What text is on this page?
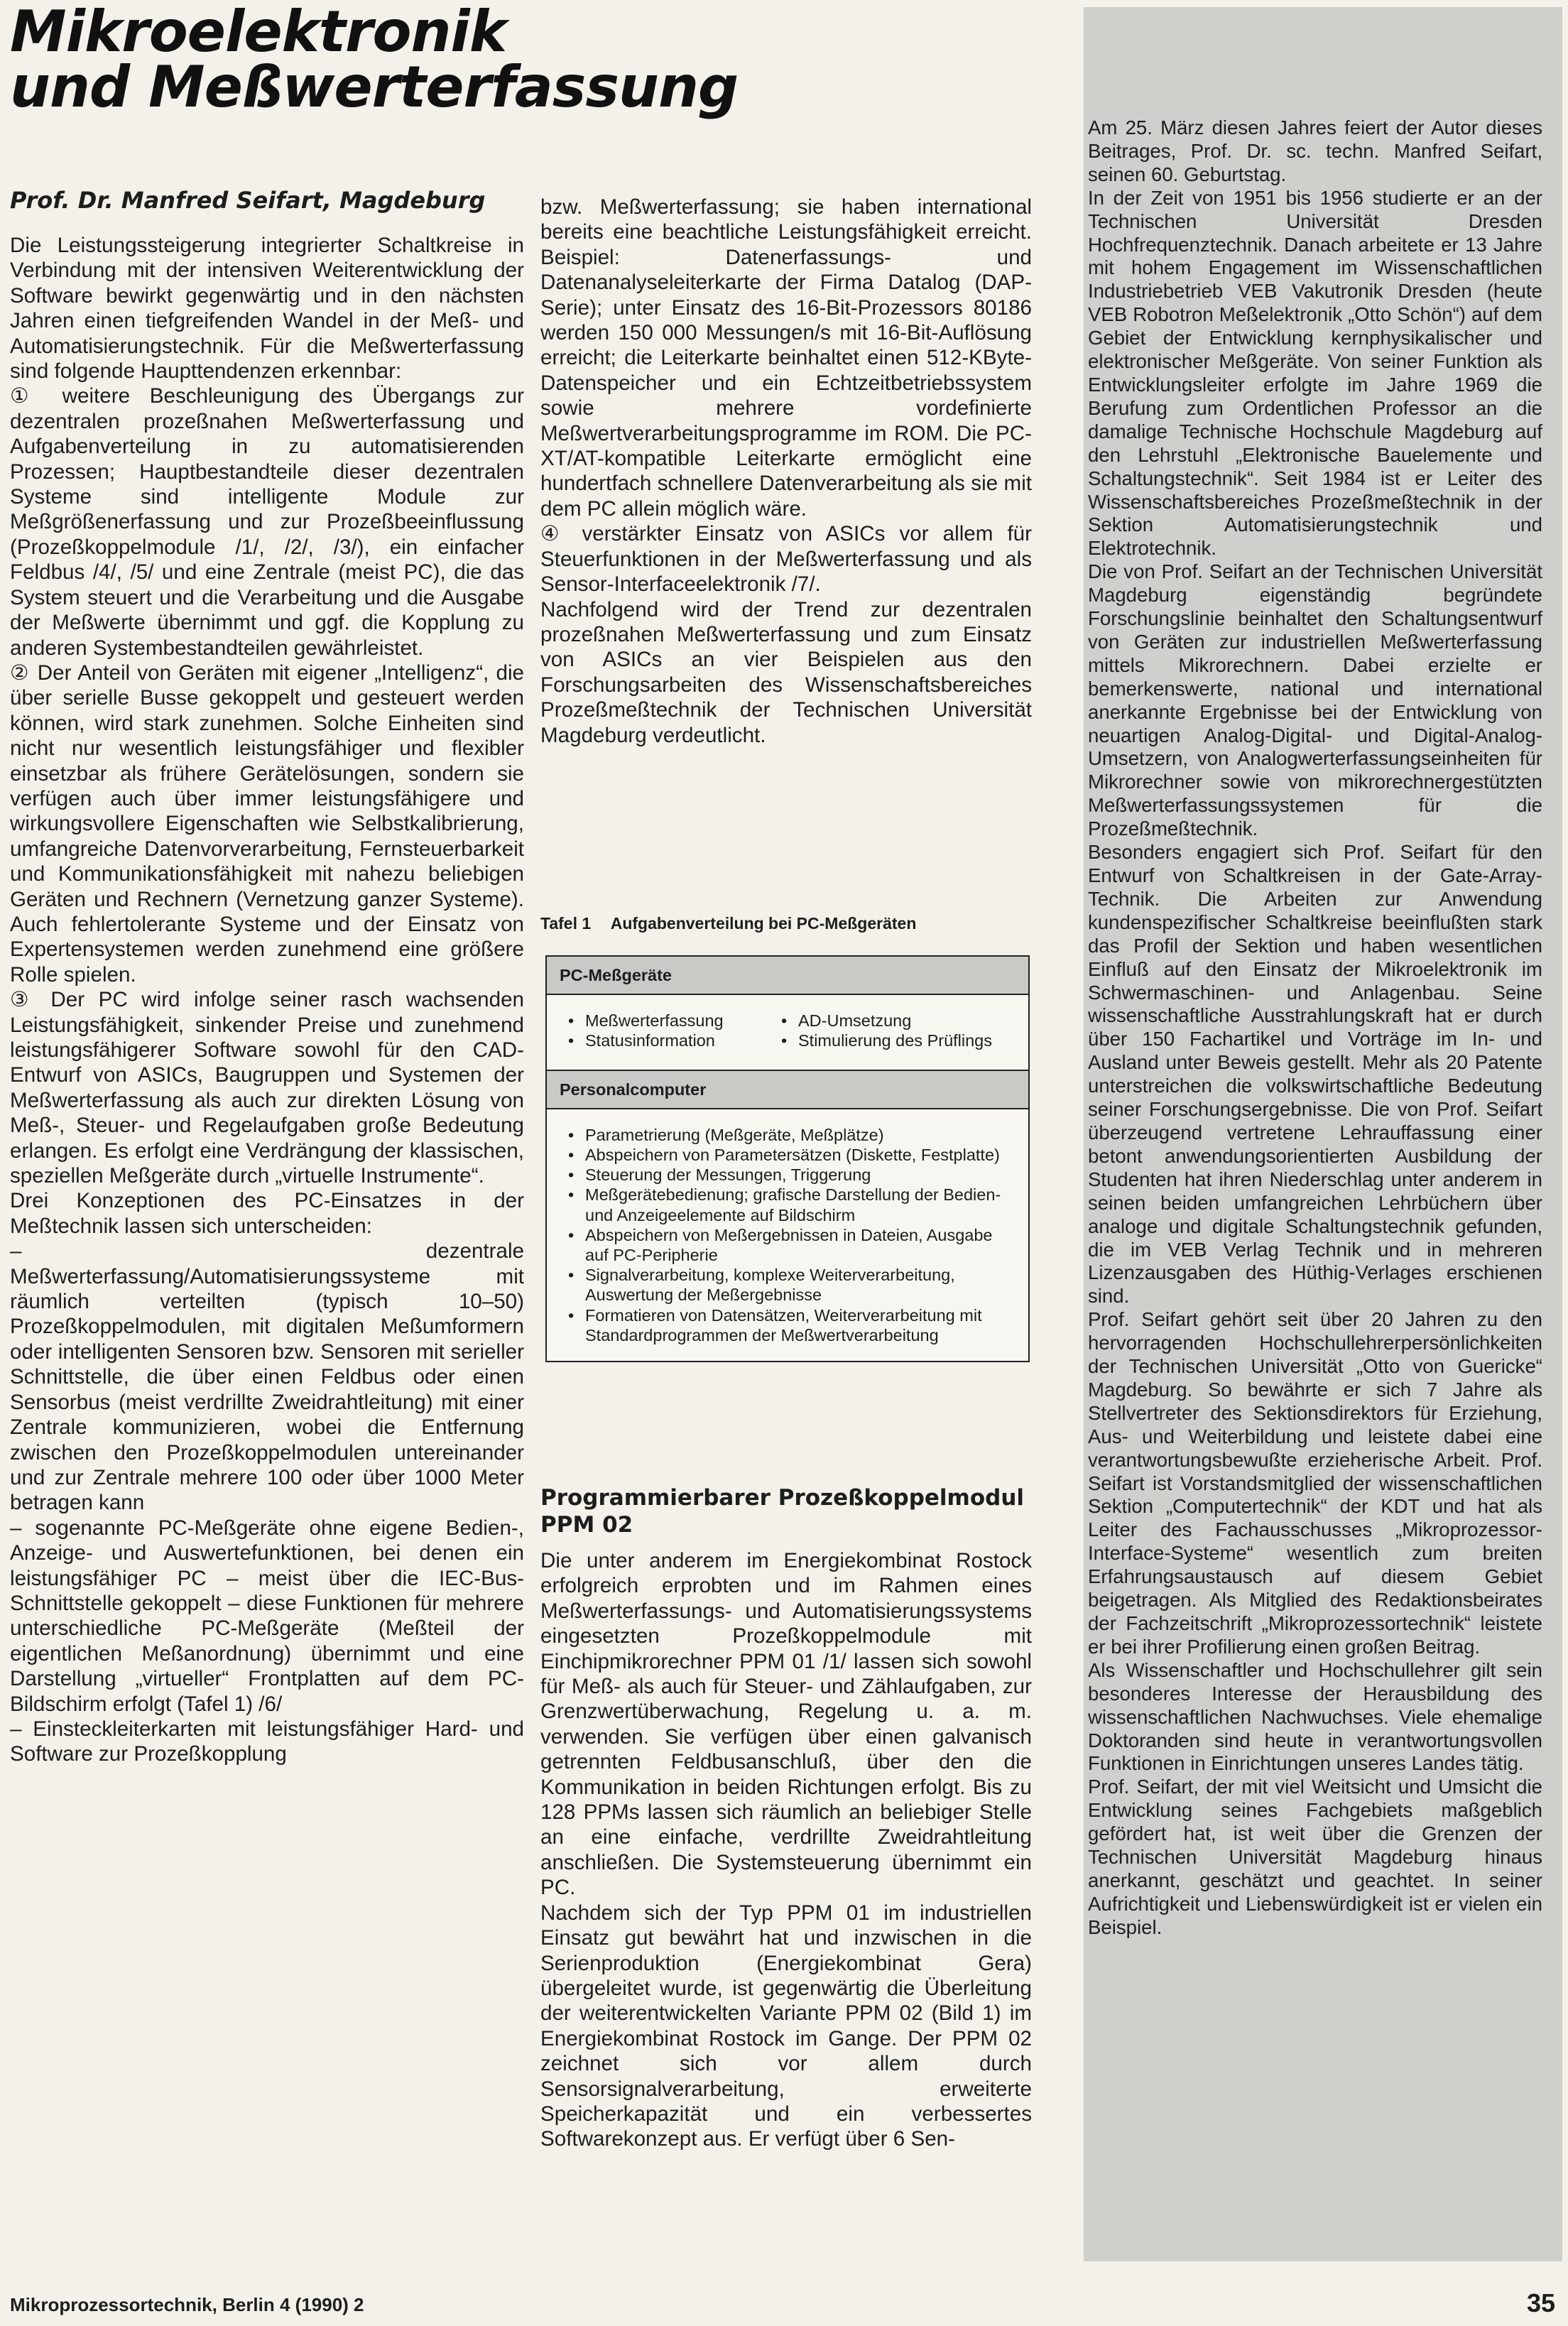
Mikroelektronik
und Meßwerterfassung
Prof. Dr. Manfred Seifart, Magdeburg

Die Leistungssteigerung integrierter Schaltkreise in Verbindung mit der intensiven Weiterentwicklung der Software bewirkt gegenwärtig und in den nächsten Jahren einen tiefgreifenden Wandel in der Meß- und Automatisierungstechnik. Für die Meßwerterfassung sind folgende Haupttendenzen erkennbar:

① weitere Beschleunigung des Übergangs zur dezentralen prozeßnahen Meßwerterfassung und Aufgabenverteilung in zu automatisierenden Prozessen; Hauptbestandteile dieser dezentralen Systeme sind intelligente Module zur Meßgrößenerfassung und zur Prozeßbeeinflussung (Prozeßkoppelmodule /1/, /2/, /3/), ein einfacher Feldbus /4/, /5/ und eine Zentrale (meist PC), die das System steuert und die Verarbeitung und die Ausgabe der Meßwerte übernimmt und ggf. die Kopplung zu anderen Systembestandteilen gewährleistet.

② Der Anteil von Geräten mit eigener „Intelligenz“, die über serielle Busse gekoppelt und gesteuert werden können, wird stark zunehmen. Solche Einheiten sind nicht nur wesentlich leistungsfähiger und flexibler einsetzbar als frühere Gerätelösungen, sondern sie verfügen auch über immer leistungsfähigere und wirkungsvollere Eigenschaften wie Selbstkalibrierung, umfangreiche Datenvorverarbeitung, Fernsteuerbarkeit und Kommunikationsfähigkeit mit nahezu beliebigen Geräten und Rechnern (Vernetzung ganzer Systeme). Auch fehlertolerante Systeme und der Einsatz von Expertensystemen werden zunehmend eine größere Rolle spielen.

③ Der PC wird infolge seiner rasch wachsenden Leistungsfähigkeit, sinkender Preise und zunehmend leistungsfähigerer Software sowohl für den CAD-Entwurf von ASICs, Baugruppen und Systemen der Meßwerterfassung als auch zur direkten Lösung von Meß-, Steuer- und Regelaufgaben große Bedeutung erlangen. Es erfolgt eine Verdrängung der klassischen, speziellen Meßgeräte durch „virtuelle Instrumente“.

Drei Konzeptionen des PC-Einsatzes in der Meßtechnik lassen sich unterscheiden:

– dezentrale Meßwerterfassung/Automatisierungssysteme mit räumlich verteilten (typisch 10–50) Prozeßkoppelmodulen, mit digitalen Meßumformern oder intelligenten Sensoren bzw. Sensoren mit serieller Schnittstelle, die über einen Feldbus oder einen Sensorbus (meist verdrillte Zweidrahtleitung) mit einer Zentrale kommunizieren, wobei die Entfernung zwischen den Prozeßkoppelmodulen untereinander und zur Zentrale mehrere 100 oder über 1000 Meter betragen kann

– sogenannte PC-Meßgeräte ohne eigene Bedien-, Anzeige- und Auswertefunktionen, bei denen ein leistungsfähiger PC – meist über die IEC-Bus-Schnittstelle gekoppelt – diese Funktionen für mehrere unterschiedliche PC-Meßgeräte (Meßteil der eigentlichen Meßanordnung) übernimmt und eine Darstellung „virtueller“ Frontplatten auf dem PC-Bildschirm erfolgt (Tafel 1) /6/

– Einsteckleiterkarten mit leistungsfähiger Hard- und Software zur Prozeßkopplung

bzw. Meßwerterfassung; sie haben international bereits eine beachtliche Leistungsfähigkeit erreicht. Beispiel: Datenerfassungs- und Datenanalyseleiterkarte der Firma Datalog (DAP-Serie); unter Einsatz des 16-Bit-Prozessors 80186 werden 150 000 Messungen/s mit 16-Bit-Auflösung erreicht; die Leiterkarte beinhaltet einen 512-KByte-Datenspeicher und ein Echtzeitbetriebssystem sowie mehrere vordefinierte Meßwertverarbeitungsprogramme im ROM. Die PC-XT/AT-kompatible Leiterkarte ermöglicht eine hundertfach schnellere Datenverarbeitung als sie mit dem PC allein möglich wäre.

④ verstärkter Einsatz von ASICs vor allem für Steuerfunktionen in der Meßwerterfassung und als Sensor-Interfaceelektronik /7/.

Nachfolgend wird der Trend zur dezentralen prozeßnahen Meßwerterfassung und zum Einsatz von ASICs an vier Beispielen aus den Forschungsarbeiten des Wissenschaftsbereiches Prozeßmeßtechnik der Technischen Universität Magdeburg verdeutlicht.

Tafel 1 Aufgabenverteilung bei PC-Meßgeräten
PC-Meßgeräte
• Meßwerterfassung
• Statusinformation
• AD-Umsetzung
• Stimulierung des Prüflings
Personalcomputer
• Parametrierung (Meßgeräte, Meßplätze)
• Abspeichern von Parametersätzen (Diskette, Festplatte)
• Steuerung der Messungen, Triggerung
• Meßgerätebedienung; grafische Darstellung der Bedien- und Anzeigeelemente auf Bildschirm
• Abspeichern von Meßergebnissen in Dateien, Ausgabe auf PC-Peripherie
• Signalverarbeitung, komplexe Weiterverarbeitung, Auswertung der Meßergebnisse
• Formatieren von Datensätzen, Weiterverarbeitung mit Standardprogrammen der Meßwertverarbeitung
Programmierbarer Prozeßkoppelmodul PPM 02

Die unter anderem im Energiekombinat Rostock erfolgreich erprobten und im Rahmen eines Meßwerterfassungs- und Automatisierungssystems eingesetzten Prozeßkoppelmodule mit Einchipmikrorechner PPM 01 /1/ lassen sich sowohl für Meß- als auch für Steuer- und Zählaufgaben, zur Grenzwertüberwachung, Regelung u. a. m. verwenden. Sie verfügen über einen galvanisch getrennten Feldbusanschluß, über den die Kommunikation in beiden Richtungen erfolgt. Bis zu 128 PPMs lassen sich räumlich an beliebiger Stelle an eine einfache, verdrillte Zweidrahtleitung anschließen. Die Systemsteuerung übernimmt ein PC.

Nachdem sich der Typ PPM 01 im industriellen Einsatz gut bewährt hat und inzwischen in die Serienproduktion (Energiekombinat Gera) übergeleitet wurde, ist gegenwärtig die Überleitung der weiterentwickelten Variante PPM 02 (Bild 1) im Energiekombinat Rostock im Gange. Der PPM 02 zeichnet sich vor allem durch Sensorsignalverarbeitung, erweiterte Speicherkapazität und ein verbessertes Softwarekonzept aus. Er verfügt über 6 Sen-

Am 25. März diesen Jahres feiert der Autor dieses Beitrages, Prof. Dr. sc. techn. Manfred Seifart, seinen 60. Geburtstag.

In der Zeit von 1951 bis 1956 studierte er an der Technischen Universität Dresden Hochfrequenztechnik. Danach arbeitete er 13 Jahre mit hohem Engagement im Wissenschaftlichen Industriebetrieb VEB Vakutronik Dresden (heute VEB Robotron Meßelektronik „Otto Schön“) auf dem Gebiet der Entwicklung kernphysikalischer und elektronischer Meßgeräte. Von seiner Funktion als Entwicklungsleiter erfolgte im Jahre 1969 die Berufung zum Ordentlichen Professor an die damalige Technische Hochschule Magdeburg auf den Lehrstuhl „Elektronische Bauelemente und Schaltungstechnik“. Seit 1984 ist er Leiter des Wissenschaftsbereiches Prozeßmeßtechnik in der Sektion Automatisierungstechnik und Elektrotechnik.

Die von Prof. Seifart an der Technischen Universität Magdeburg eigenständig begründete Forschungslinie beinhaltet den Schaltungsentwurf von Geräten zur industriellen Meßwerterfassung mittels Mikrorechnern. Dabei erzielte er bemerkenswerte, national und international anerkannte Ergebnisse bei der Entwicklung von neuartigen Analog-Digital- und Digital-Analog-Umsetzern, von Analogwerterfassungseinheiten für Mikrorechner sowie von mikrorechnergestützten Meßwerterfassungssystemen für die Prozeßmeßtechnik.

Besonders engagiert sich Prof. Seifart für den Entwurf von Schaltkreisen in der Gate-Array-Technik. Die Arbeiten zur Anwendung kundenspezifischer Schaltkreise beeinflußten stark das Profil der Sektion und haben wesentlichen Einfluß auf den Einsatz der Mikroelektronik im Schwermaschinen- und Anlagenbau. Seine wissenschaftliche Ausstrahlungskraft hat er durch über 150 Fachartikel und Vorträge im In- und Ausland unter Beweis gestellt. Mehr als 20 Patente unterstreichen die volkswirtschaftliche Bedeutung seiner Forschungsergebnisse. Die von Prof. Seifart überzeugend vertretene Lehrauffassung einer betont anwendungsorientierten Ausbildung der Studenten hat ihren Niederschlag unter anderem in seinen beiden umfangreichen Lehrbüchern über analoge und digitale Schaltungstechnik gefunden, die im VEB Verlag Technik und in mehreren Lizenzausgaben des Hüthig-Verlages erschienen sind.

Prof. Seifart gehört seit über 20 Jahren zu den hervorragenden Hochschullehrerpersönlichkeiten der Technischen Universität „Otto von Guericke“ Magdeburg. So bewährte er sich 7 Jahre als Stellvertreter des Sektionsdirektors für Erziehung, Aus- und Weiterbildung und leistete dabei eine verantwortungsbewußte erzieherische Arbeit. Prof. Seifart ist Vorstandsmitglied der wissenschaftlichen Sektion „Computertechnik“ der KDT und hat als Leiter des Fachausschusses „Mikroprozessor-Interface-Systeme“ wesentlich zum breiten Erfahrungsaustausch auf diesem Gebiet beigetragen. Als Mitglied des Redaktionsbeirates der Fachzeitschrift „Mikroprozessortechnik“ leistete er bei ihrer Profilierung einen großen Beitrag.

Als Wissenschaftler und Hochschullehrer gilt sein besonderes Interesse der Herausbildung des wissenschaftlichen Nachwuchses. Viele ehemalige Doktoranden sind heute in verantwortungsvollen Funktionen in Einrichtungen unseres Landes tätig.

Prof. Seifart, der mit viel Weitsicht und Umsicht die Entwicklung seines Fachgebiets maßgeblich gefördert hat, ist weit über die Grenzen der Technischen Universität Magdeburg hinaus anerkannt, geschätzt und geachtet. In seiner Aufrichtigkeit und Liebenswürdigkeit ist er vielen ein Beispiel.

Mikroprozessortechnik, Berlin 4 (1990) 2	35
